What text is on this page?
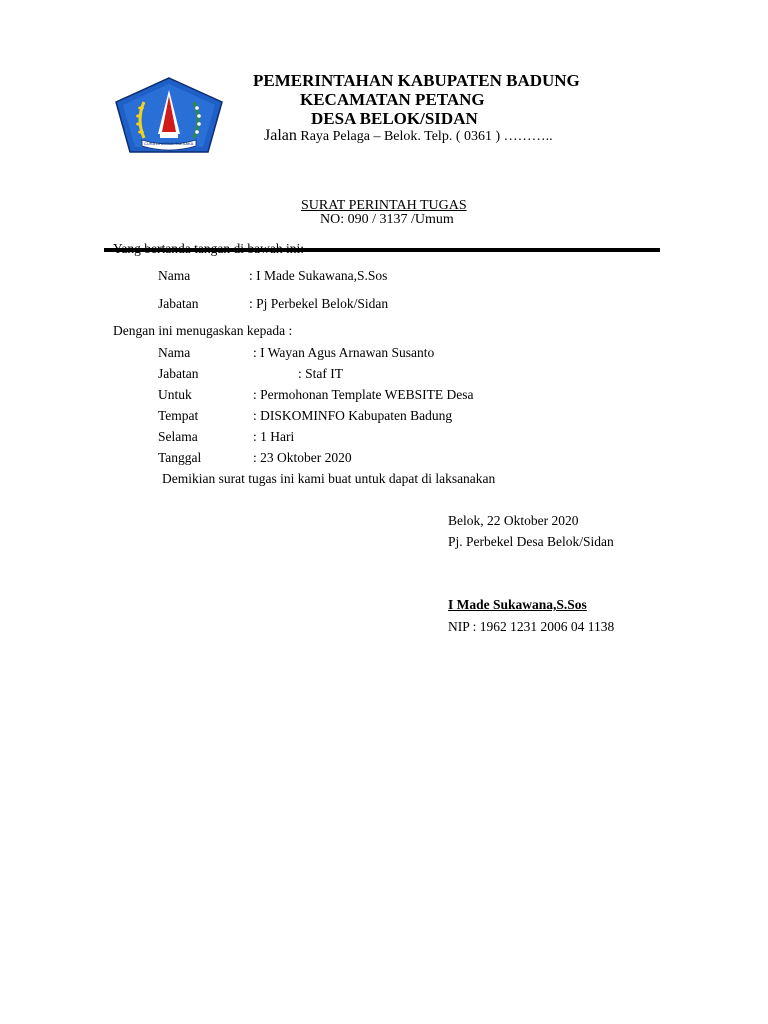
CURA DHARMA RAKSAKA
PEMERINTAHAN KABUPATEN BADUNG
KECAMATAN PETANG
DESA BELOK/SIDAN
Jalan Raya Pelaga – Belok. Telp. ( 0361 ) ………..
SURAT PERINTAH TUGAS
NO: 090 / 3137 /Umum
Nama	: I Made Sukawana,S.Sos
Jabatan	: Pj Perbekel Belok/Sidan
Dengan ini menugaskan kepada :
Nama	: I Wayan Agus Arnawan Susanto
Jabatan	: Staf IT
Untuk	: Permohonan Template WEBSITE Desa
Tempat	: DISKOMINFO Kabupaten Badung
Selama	: 1 Hari
Tanggal	: 23 Oktober 2020
Demikian surat tugas ini kami buat untuk dapat di laksanakan
Belok, 22 Oktober 2020
Pj. Perbekel Desa Belok/Sidan
I Made Sukawana,S.Sos
NIP : 1962 1231 2006 04 1138
